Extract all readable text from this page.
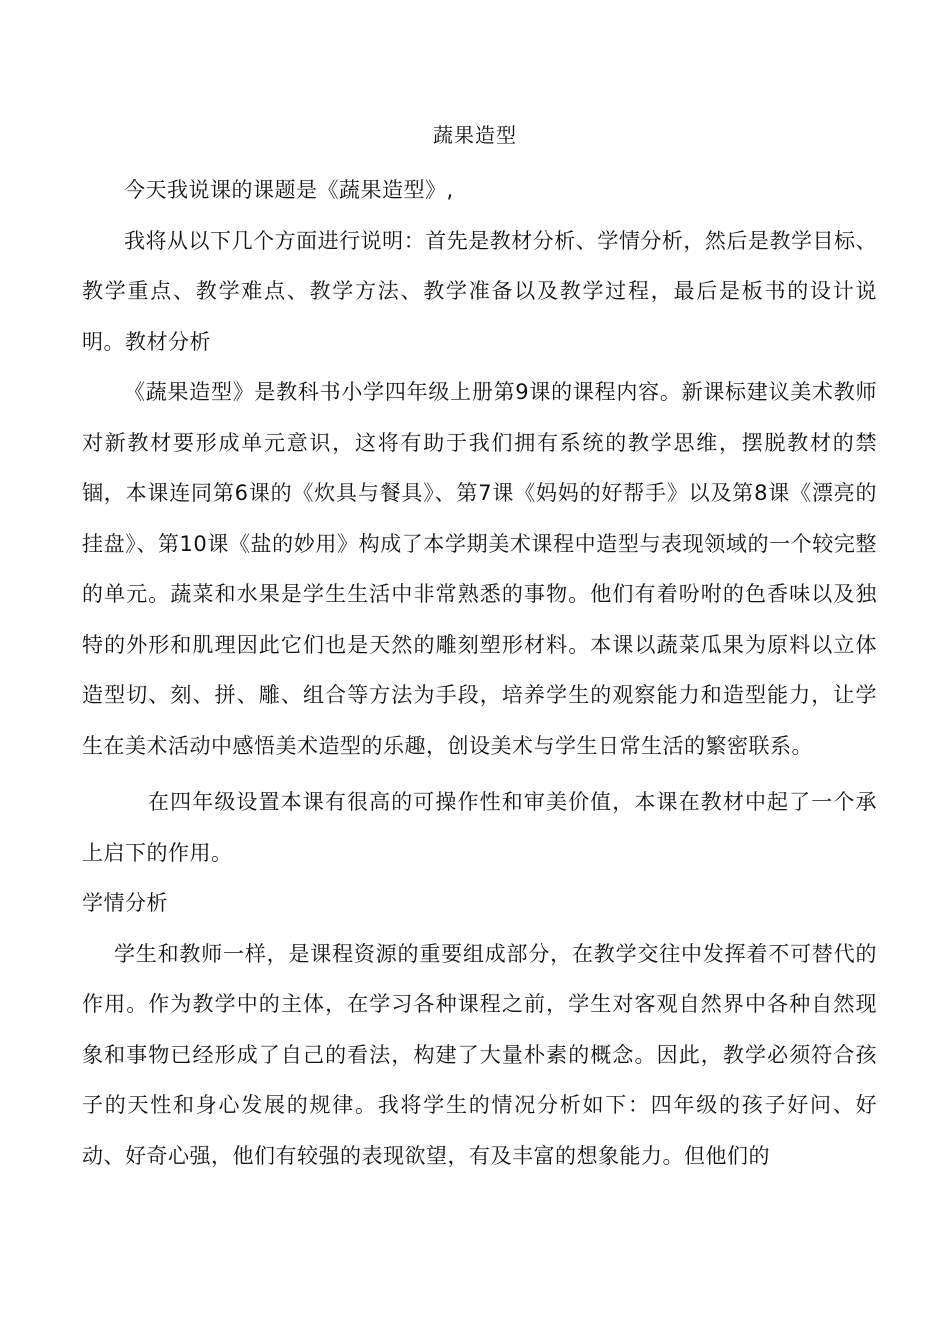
蔬果造型

今天我说课的课题是《蔬果造型》,

我将从以下几个方面进行说明：首先是教材分析、学情分析，然后是教学目标、教学重点、教学难点、教学方法、教学准备以及教学过程，最后是板书的设计说明。教材分析

《蔬果造型》是教科书小学四年级上册第9课的课程内容。新课标建议美术教师对新教材要形成单元意识，这将有助于我们拥有系统的教学思维，摆脱教材的禁锢，本课连同第6课的《炊具与餐具》、第7课《妈妈的好帮手》以及第8课《漂亮的挂盘》、第10课《盐的妙用》构成了本学期美术课程中造型与表现领域的一个较完整的单元。蔬菜和水果是学生生活中非常熟悉的事物。他们有着吩咐的色香味以及独特的外形和肌理因此它们也是天然的雕刻塑形材料。本课以蔬菜瓜果为原料以立体造型切、刻、拼、雕、组合等方法为手段，培养学生的观察能力和造型能力，让学生在美术活动中感悟美术造型的乐趣，创设美术与学生日常生活的繁密联系。

在四年级设置本课有很高的可操作性和审美价值，本课在教材中起了一个承上启下的作用。

学情分析

学生和教师一样，是课程资源的重要组成部分，在教学交往中发挥着不可替代的作用。作为教学中的主体，在学习各种课程之前，学生对客观自然界中各种自然现象和事物已经形成了自己的看法，构建了大量朴素的概念。因此，教学必须符合孩子的天性和身心发展的规律。我将学生的情况分析如下：四年级的孩子好问、好动、好奇心强，他们有较强的表现欲望，有及丰富的想象能力。但他们的
